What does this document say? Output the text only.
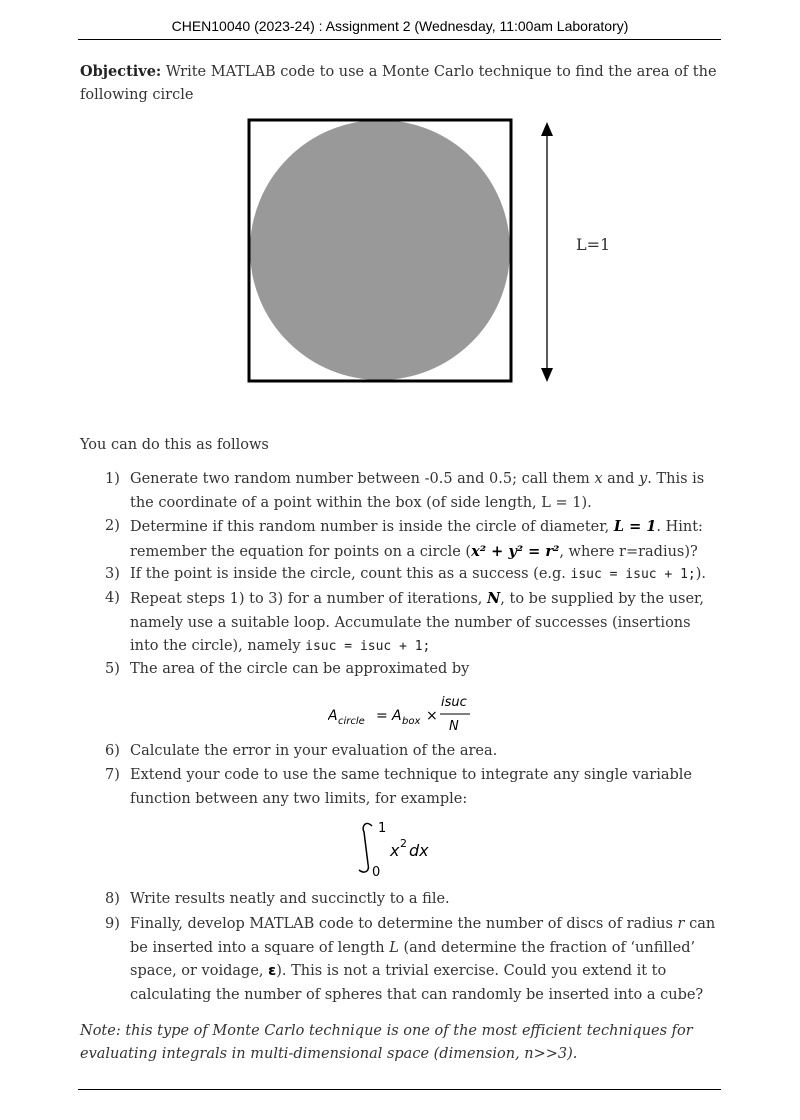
CHEN10040 (2023-24) : Assignment 2 (Wednesday, 11:00am Laboratory)
Objective: Write MATLAB code to use a Monte Carlo technique to find the area of the following circle
L=1
You can do this as follows
1) Generate two random number between -0.5 and 0.5; call them x and y. This is the coordinate of a point within the box (of side length, L = 1).
2) Determine if this random number is inside the circle of diameter, L = 1. Hint: remember the equation for points on a circle (x² + y² = r², where r=radius)?
3) If the point is inside the circle, count this as a success (e.g. isuc = isuc + 1;).
4) Repeat steps 1) to 3) for a number of iterations, N, to be supplied by the user, namely use a suitable loop. Accumulate the number of successes (insertions into the circle), namely isuc = isuc + 1;
5) The area of the circle can be approximated by
6) Calculate the error in your evaluation of the area.
7) Extend your code to use the same technique to integrate any single variable function between any two limits, for example:
8) Write results neatly and succinctly to a file.
9) Finally, develop MATLAB code to determine the number of discs of radius r can be inserted into a square of length L (and determine the fraction of ‘unfilled’ space, or voidage, ε). This is not a trivial exercise. Could you extend it to calculating the number of spheres that can randomly be inserted into a cube?
A circle = A box ×
isuc
N
1
0
x 2 dx
Note: this type of Monte Carlo technique is one of the most efficient techniques for evaluating integrals in multi-dimensional space (dimension, n>>3).
